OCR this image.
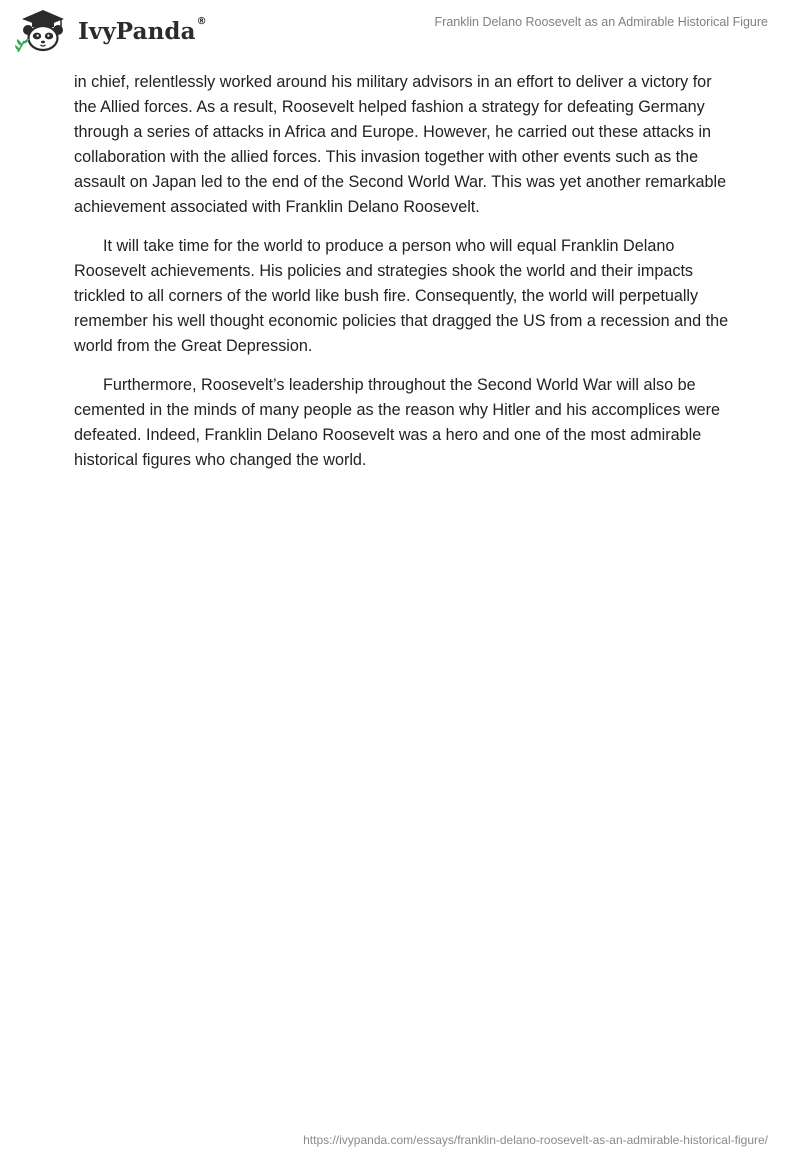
IvyPanda®	Franklin Delano Roosevelt as an Admirable Historical Figure

in chief, relentlessly worked around his military advisors in an effort to deliver a victory for the Allied forces. As a result, Roosevelt helped fashion a strategy for defeating Germany through a series of attacks in Africa and Europe. However, he carried out these attacks in collaboration with the allied forces. This invasion together with other events such as the assault on Japan led to the end of the Second World War. This was yet another remarkable achievement associated with Franklin Delano Roosevelt.

It will take time for the world to produce a person who will equal Franklin Delano Roosevelt achievements. His policies and strategies shook the world and their impacts trickled to all corners of the world like bush fire. Consequently, the world will perpetually remember his well thought economic policies that dragged the US from a recession and the world from the Great Depression.

Furthermore, Roosevelt’s leadership throughout the Second World War will also be cemented in the minds of many people as the reason why Hitler and his accomplices were defeated. Indeed, Franklin Delano Roosevelt was a hero and one of the most admirable historical figures who changed the world.

https://ivypanda.com/essays/franklin-delano-roosevelt-as-an-admirable-historical-figure/
